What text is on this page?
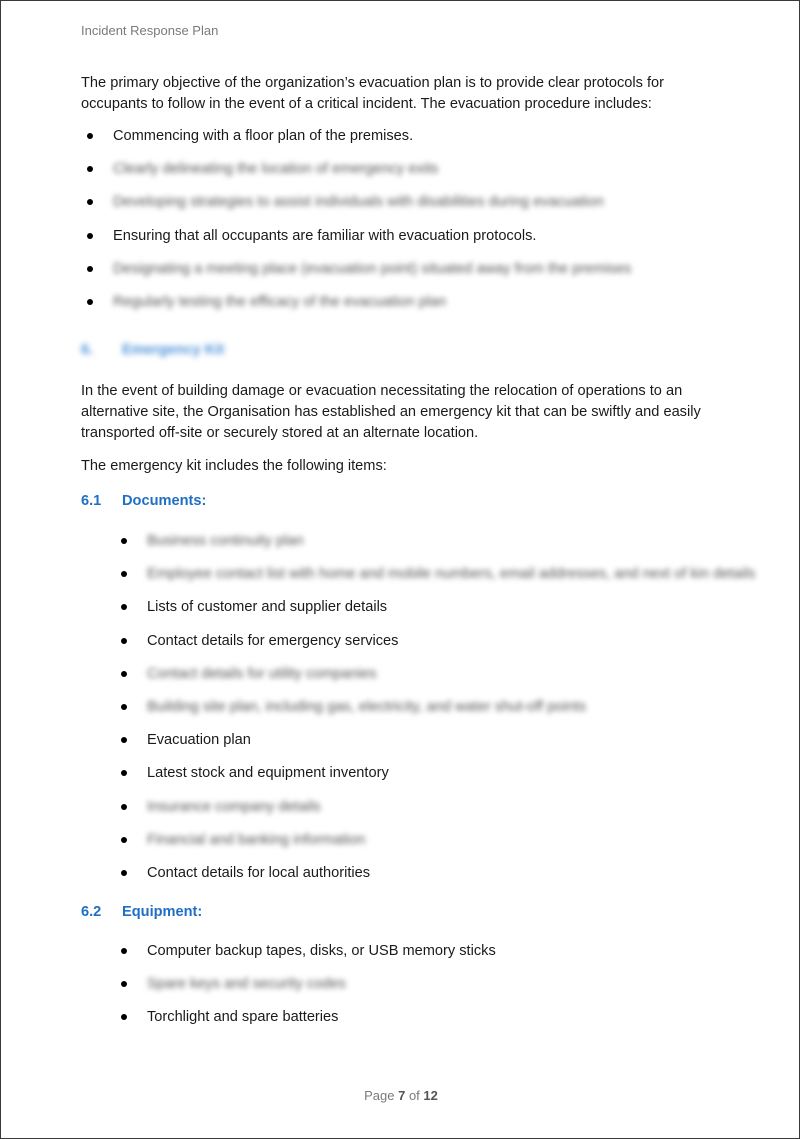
Incident Response Plan

The primary objective of the organization’s evacuation plan is to provide clear protocols for occupants to follow in the event of a critical incident. The evacuation procedure includes:

Commencing with a floor plan of the premises.
Clearly delineating the location of emergency exits
Developing strategies to assist individuals with disabilities during evacuation
Ensuring that all occupants are familiar with evacuation protocols.
Designating a meeting place (evacuation point) situated away from the premises
Regularly testing the efficacy of the evacuation plan
6. Emergency Kit

In the event of building damage or evacuation necessitating the relocation of operations to an alternative site, the Organisation has established an emergency kit that can be swiftly and easily transported off-site or securely stored at an alternate location.

The emergency kit includes the following items:

6.1 Documents:
Business continuity plan
Employee contact list with home and mobile numbers, email addresses, and next of kin details
Lists of customer and supplier details
Contact details for emergency services
Contact details for utility companies
Building site plan, including gas, electricity, and water shut-off points
Evacuation plan
Latest stock and equipment inventory
Insurance company details
Financial and banking information
Contact details for local authorities
6.2 Equipment:
Computer backup tapes, disks, or USB memory sticks
Spare keys and security codes
Torchlight and spare batteries
Page 7 of 12
